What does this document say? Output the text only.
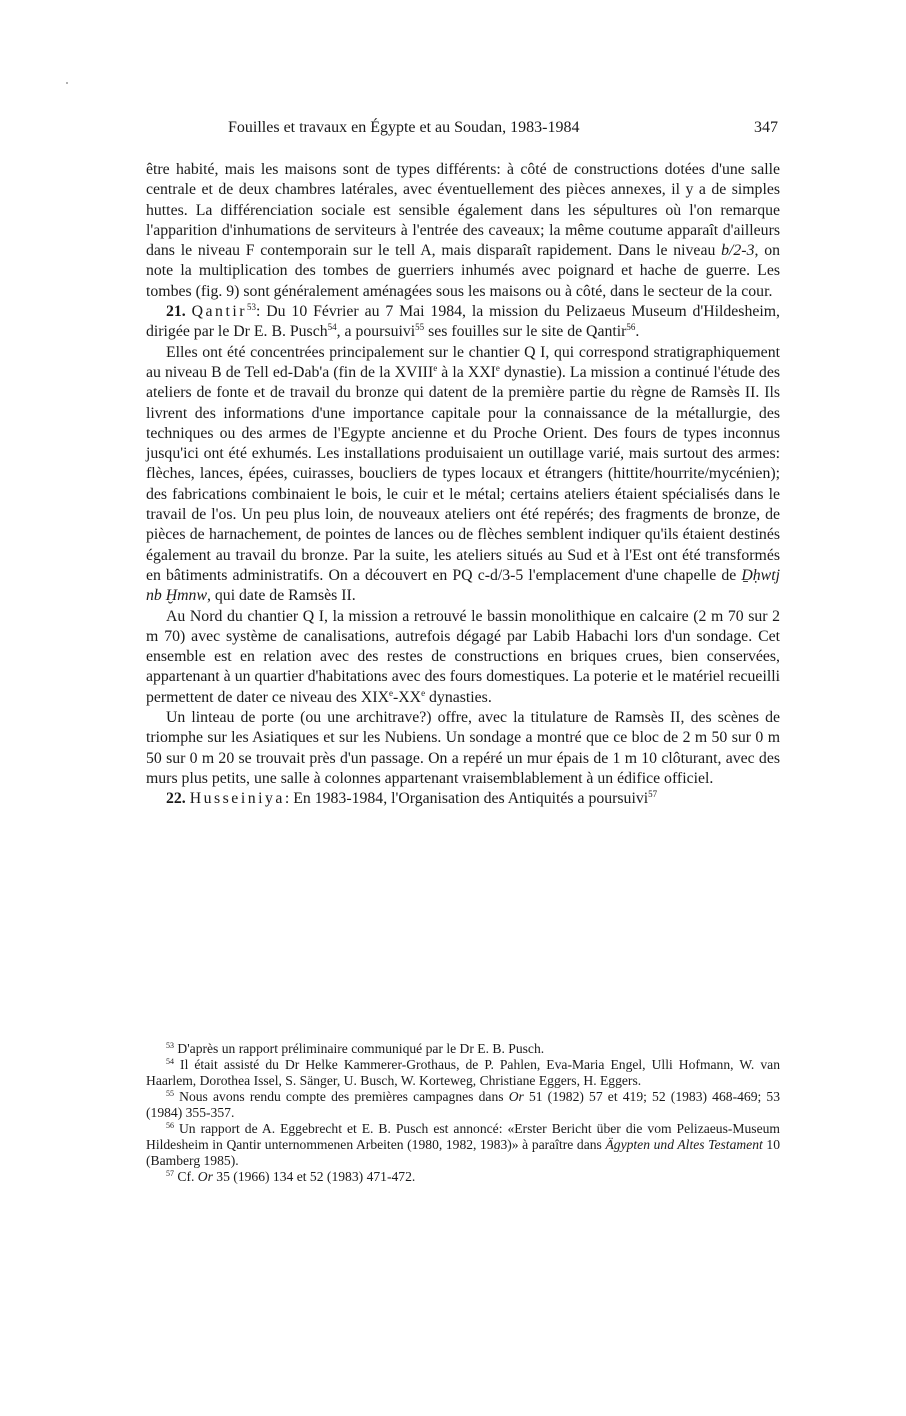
Fouilles et travaux en Égypte et au Soudan, 1983-1984	347

être habité, mais les maisons sont de types différents: à côté de constructions dotées d'une salle centrale et de deux chambres latérales, avec éventuellement des pièces annexes, il y a de simples huttes. La différenciation sociale est sensible également dans les sépultures où l'on remarque l'apparition d'inhumations de serviteurs à l'entrée des caveaux; la même coutume apparaît d'ailleurs dans le niveau F contemporain sur le tell A, mais disparaît rapidement. Dans le niveau b/2-3, on note la multiplication des tombes de guerriers inhumés avec poignard et hache de guerre. Les tombes (fig. 9) sont généralement aménagées sous les maisons ou à côté, dans le secteur de la cour.

21. Qantir$^{53}$: Du 10 Février au 7 Mai 1984, la mission du Pelizaeus Museum d'Hildesheim, dirigée par le Dr E. B. Pusch$^{54}$, a poursuivi$^{55}$ ses fouilles sur le site de Qantir$^{56}$.

Elles ont été concentrées principalement sur le chantier Q I, qui correspond stratigraphiquement au niveau B de Tell ed-Dab'a (fin de la XVIIIe à la XXIe dynastie). La mission a continué l'étude des ateliers de fonte et de travail du bronze qui datent de la première partie du règne de Ramsès II. Ils livrent des informations d'une importance capitale pour la connaissance de la métallurgie, des techniques ou des armes de l'Egypte ancienne et du Proche Orient. Des fours de types inconnus jusqu'ici ont été exhumés. Les installations produisaient un outillage varié, mais surtout des armes: flèches, lances, épées, cuirasses, boucliers de types locaux et étrangers (hittite/hourrite/mycénien); des fabrications combinaient le bois, le cuir et le métal; certains ateliers étaient spécialisés dans le travail de l'os. Un peu plus loin, de nouveaux ateliers ont été repérés; des fragments de bronze, de pièces de harnachement, de pointes de lances ou de flèches semblent indiquer qu'ils étaient destinés également au travail du bronze. Par la suite, les ateliers situés au Sud et à l'Est ont été transformés en bâtiments administratifs. On a découvert en PQ c-d/3-5 l'emplacement d'une chapelle de Ḏḥwtj nb Ḫmnw, qui date de Ramsès II.

Au Nord du chantier Q I, la mission a retrouvé le bassin monolithique en calcaire (2 m 70 sur 2 m 70) avec système de canalisations, autrefois dégagé par Labib Habachi lors d'un sondage. Cet ensemble est en relation avec des restes de constructions en briques crues, bien conservées, appartenant à un quartier d'habitations avec des fours domestiques. La poterie et le matériel recueilli permettent de dater ce niveau des XIXe-XXe dynasties.

Un linteau de porte (ou une architrave?) offre, avec la titulature de Ramsès II, des scènes de triomphe sur les Asiatiques et sur les Nubiens. Un sondage a montré que ce bloc de 2 m 50 sur 0 m 50 sur 0 m 20 se trouvait près d'un passage. On a repéré un mur épais de 1 m 10 clôturant, avec des murs plus petits, une salle à colonnes appartenant vraisemblablement à un édifice officiel.

22. Husseiniya: En 1983-1984, l'Organisation des Antiquités a poursuivi$^{57}$

$^{53}$ D'après un rapport préliminaire communiqué par le Dr E. B. Pusch.

$^{54}$ Il était assisté du Dr Helke Kammerer-Grothaus, de P. Pahlen, Eva-Maria Engel, Ulli Hofmann, W. van Haarlem, Dorothea Issel, S. Sänger, U. Busch, W. Korteweg, Christiane Eggers, H. Eggers.

$^{55}$ Nous avons rendu compte des premières campagnes dans Or 51 (1982) 57 et 419; 52 (1983) 468-469; 53 (1984) 355-357.

$^{56}$ Un rapport de A. Eggebrecht et E. B. Pusch est annoncé: «Erster Bericht über die vom Pelizaeus-Museum Hildesheim in Qantir unternommenen Arbeiten (1980, 1982, 1983)» à paraître dans Ägypten und Altes Testament 10 (Bamberg 1985).

$^{57}$ Cf. Or 35 (1966) 134 et 52 (1983) 471-472.
